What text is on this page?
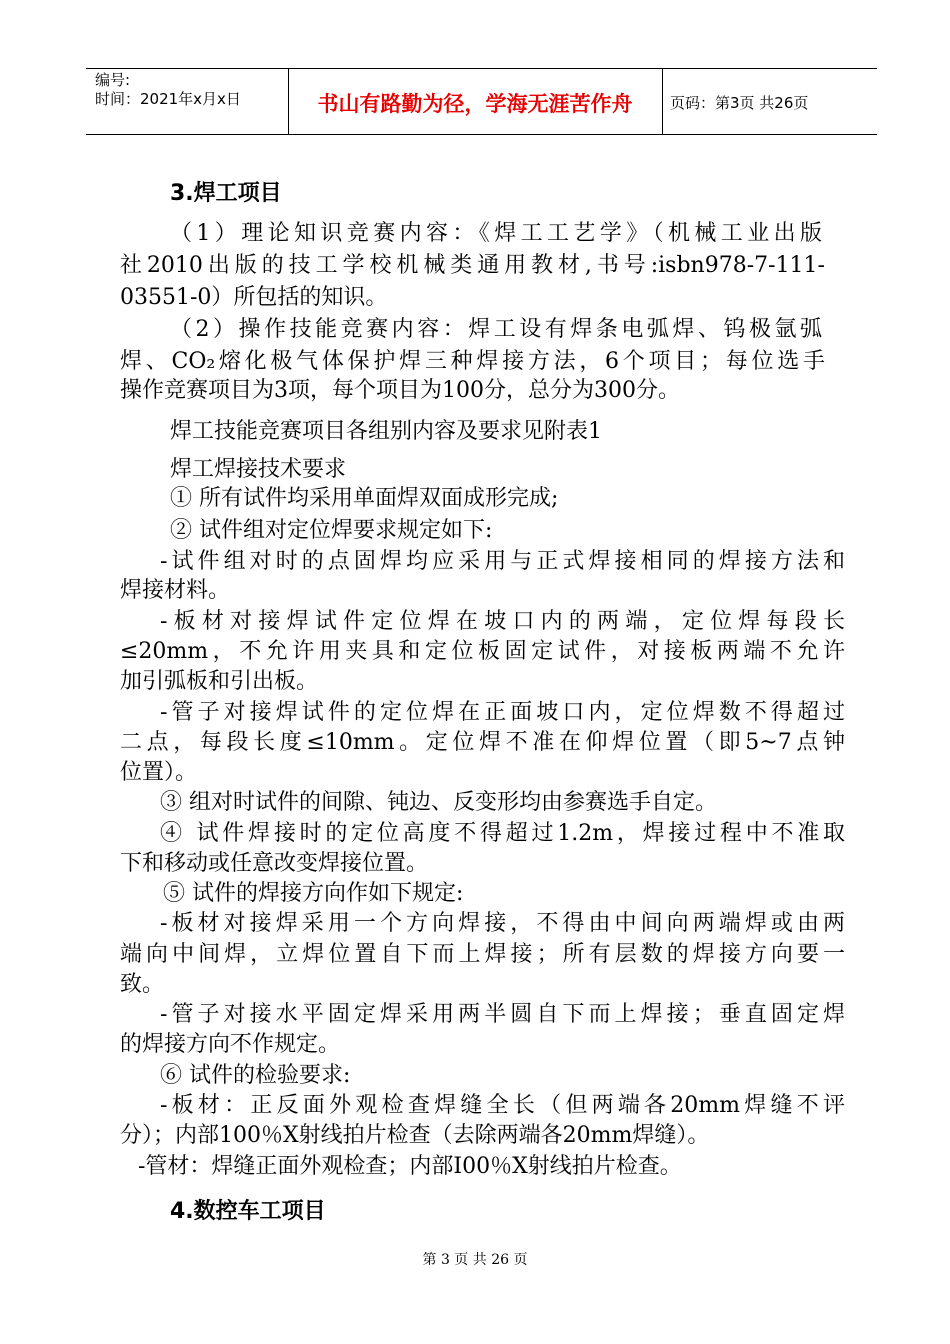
编号:
时间：2021年x月x日	书山有路勤为径，学海无涯苦作舟	页码：第3页 共26页
3.焊工项目
（1）理论知识竞赛内容：《焊工工艺学》（机械工业出版
社2010出版的技工学校机械类通用教材,书号:isbn978-7-111-
03551-0）所包括的知识。
（2）操作技能竞赛内容：焊工设有焊条电弧焊、钨极氩弧
焊、CO₂熔化极气体保护焊三种焊接方法，6个项目；每位选手
操作竞赛项目为3项，每个项目为100分，总分为300分。
焊工技能竞赛项目各组别内容及要求见附表1
焊工焊接技术要求
① 所有试件均采用单面焊双面成形完成;
② 试件组对定位焊要求规定如下:
-试件组对时的点固焊均应采用与正式焊接相同的焊接方法和
焊接材料。
-板材对接焊试件定位焊在坡口内的两端，定位焊每段长
≤20mm，不允许用夹具和定位板固定试件，对接板两端不允许
加引弧板和引出板。
-管子对接焊试件的定位焊在正面坡口内，定位焊数不得超过
二点，每段长度≤10mm。定位焊不准在仰焊位置（即5~7点钟
位置）。
③ 组对时试件的间隙、钝边、反变形均由参赛选手自定。
④ 试件焊接时的定位高度不得超过1.2m，焊接过程中不准取
下和移动或任意改变焊接位置。
⑤ 试件的焊接方向作如下规定:
-板材对接焊采用一个方向焊接，不得由中间向两端焊或由两
端向中间焊，立焊位置自下而上焊接；所有层数的焊接方向要一
致。
-管子对接水平固定焊采用两半圆自下而上焊接；垂直固定焊
的焊接方向不作规定。
⑥ 试件的检验要求:
-板材：正反面外观检查焊缝全长（但两端各20mm焊缝不评
分）；内部100％X射线拍片检查（去除两端各20mm焊缝）。
-管材：焊缝正面外观检查；内部I00％X射线拍片检查。
4.数控车工项目
第 3 页 共 26 页
